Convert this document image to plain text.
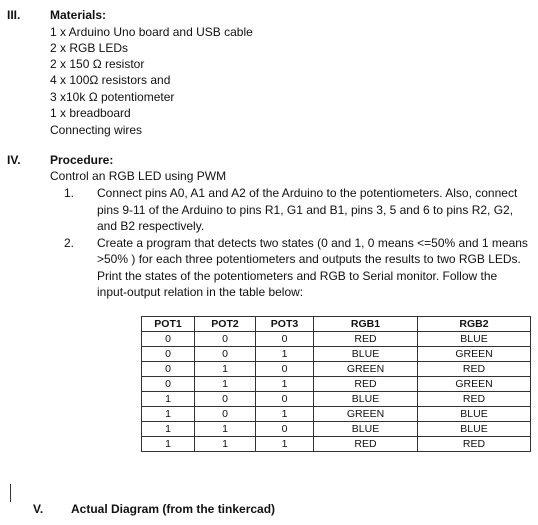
III. Materials:
1 x Arduino Uno board and USB cable
2 x RGB LEDs
2 x 150 Ω resistor
4 x 100Ω resistors and
3 x10k Ω potentiometer
1 x breadboard
Connecting wires
IV. Procedure:
Control an RGB LED using PWM
1. Connect pins A0, A1 and A2 of the Arduino to the potentiometers. Also, connect
pins 9-11 of the Arduino to pins R1, G1 and B1, pins 3, 5 and 6 to pins R2, G2,
and B2 respectively.
2. Create a program that detects two states (0 and 1, 0 means <=50% and 1 means
>50% ) for each three potentiometers and outputs the results to two RGB LEDs.
Print the states of the potentiometers and RGB to Serial monitor. Follow the
input-output relation in the table below:
POT1	POT2	POT3	RGB1	RGB2
0	0	0	RED	BLUE
0	0	1	BLUE	GREEN
0	1	0	GREEN	RED
0	1	1	RED	GREEN
1	0	0	BLUE	RED
1	0	1	GREEN	BLUE
1	1	0	BLUE	BLUE
1	1	1	RED	RED
V. Actual Diagram (from the tinkercad)
